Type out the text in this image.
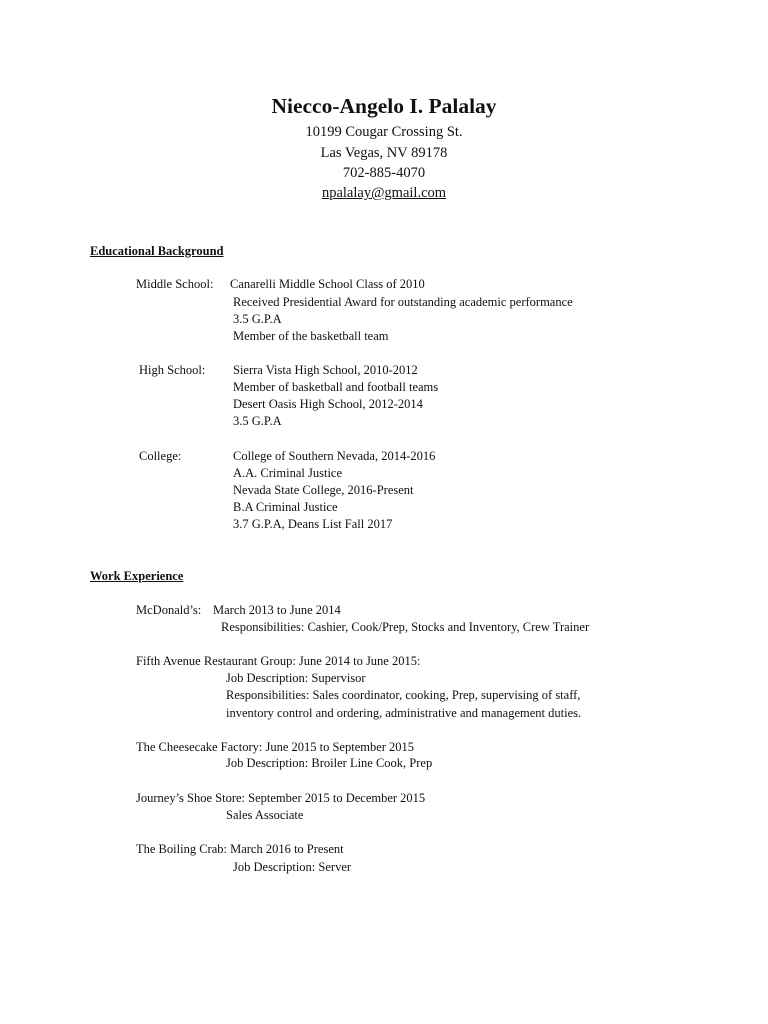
Niecco-Angelo I. Palalay
10199 Cougar Crossing St.
Las Vegas, NV 89178
702-885-4070
npalalay@gmail.com
Educational Background
Middle School: Canarelli Middle School Class of 2010
Received Presidential Award for outstanding academic performance
3.5 G.P.A
Member of the basketball team
High School: Sierra Vista High School, 2010-2012
Member of basketball and football teams
Desert Oasis High School, 2012-2014
3.5 G.P.A
College:	College of Southern Nevada, 2014-2016
A.A. Criminal Justice
Nevada State College, 2016-Present
B.A Criminal Justice
3.7 G.P.A, Deans List Fall 2017
Work Experience
McDonald’s: March 2013 to June 2014
Responsibilities: Cashier, Cook/Prep, Stocks and Inventory, Crew Trainer
Fifth Avenue Restaurant Group: June 2014 to June 2015:
Job Description: Supervisor
Responsibilities: Sales coordinator, cooking, Prep, supervising of staff,
inventory control and ordering, administrative and management duties.
The Cheesecake Factory: June 2015 to September 2015
Job Description: Broiler Line Cook, Prep
Journey’s Shoe Store: September 2015 to December 2015
Sales Associate
The Boiling Crab: March 2016 to Present
Job Description: Server
